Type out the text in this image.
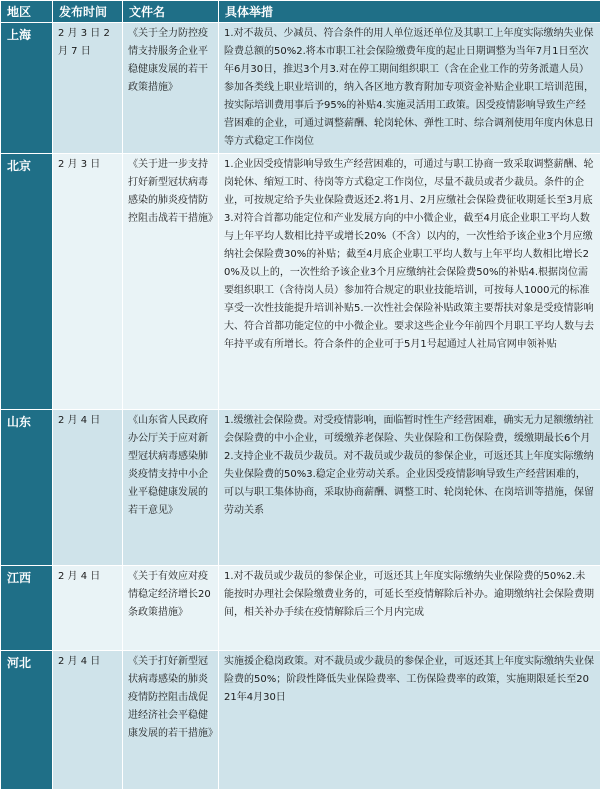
地区	发布时间	文件名	具体举措
上海	2 月 3 日 2 月 7 日	《关于全力防控疫情支持服务企业平稳健康发展的若干政策措施》	1.对不裁员、少减员、符合条件的用人单位返还单位及其职工上年度实际缴纳失业保险费总额的50%2.将本市职工社会保险缴费年度的起止日期调整为当年7月1日至次年6月30日，推迟3个月3.对在停工期间组织职工（含在企业工作的劳务派遣人员）参加各类线上职业培训的，纳入各区地方教育附加专项资金补贴企业职工培训范围，按实际培训费用事后予95%的补贴4.实施灵活用工政策。因受疫情影响导致生产经营困难的企业，可通过调整薪酬、轮岗轮休、弹性工时、综合调剂使用年度内休息日等方式稳定工作岗位
北京	2 月 3 日	《关于进一步支持打好新型冠状病毒感染的肺炎疫情防控阻击战若干措施》	1.企业因受疫情影响导致生产经营困难的，可通过与职工协商一致采取调整薪酬、轮岗轮休、缩短工时、待岗等方式稳定工作岗位，尽量不裁员或者少裁员。条件的企业，可按规定给予失业保险费返还2.将1月、2月应缴社会保险费征收期延长至3月底3.对符合首都功能定位和产业发展方向的中小微企业，截至4月底企业职工平均人数与上年平均人数相比持平或增长20%（不含）以内的，一次性给予该企业3个月应缴纳社会保险费30%的补贴；截至4月底企业职工平均人数与上年平均人数相比增长20%及以上的，一次性给予该企业3个月应缴纳社会保险费50%的补贴4.根据岗位需要组织职工（含待岗人员）参加符合规定的职业技能培训，可按每人1000元的标准享受一次性技能提升培训补贴5.一次性社会保险补贴政策主要帮扶对象是受疫情影响大、符合首都功能定位的中小微企业。要求这些企业今年前四个月职工平均人数与去年持平或有所增长。符合条件的企业可于5月1号起通过人社局官网申领补贴
山东	2 月 4 日	《山东省人民政府办公厅关于应对新型冠状病毒感染肺炎疫情支持中小企业平稳健康发展的若干意见》	1.缓缴社会保险费。对受疫情影响，面临暂时性生产经营困难，确实无力足额缴纳社会保险费的中小企业，可缓缴养老保险、失业保险和工伤保险费，缓缴期最长6个月2.支持企业不裁员少裁员。对不裁员或少裁员的参保企业，可返还其上年度实际缴纳失业保险费的50%3.稳定企业劳动关系。企业因受疫情影响导致生产经营困难的，可以与职工集体协商，采取协商薪酬、调整工时、轮岗轮休、在岗培训等措施，保留劳动关系
江西	2 月 4 日	《关于有效应对疫情稳定经济增长20条政策措施》	1.对不裁员或少裁员的参保企业，可返还其上年度实际缴纳失业保险费的50%2.未能按时办理社会保险缴费业务的，可延长至疫情解除后补办。逾期缴纳社会保险费期间，相关补办手续在疫情解除后三个月内完成
河北	2 月 4 日	《关于打好新型冠状病毒感染的肺炎疫情防控阻击战促进经济社会平稳健康发展的若干措施》	实施援企稳岗政策。对不裁员或少裁员的参保企业，可返还其上年度实际缴纳失业保险费的50%；阶段性降低失业保险费率、工伤保险费率的政策，实施期限延长至2021年4月30日
